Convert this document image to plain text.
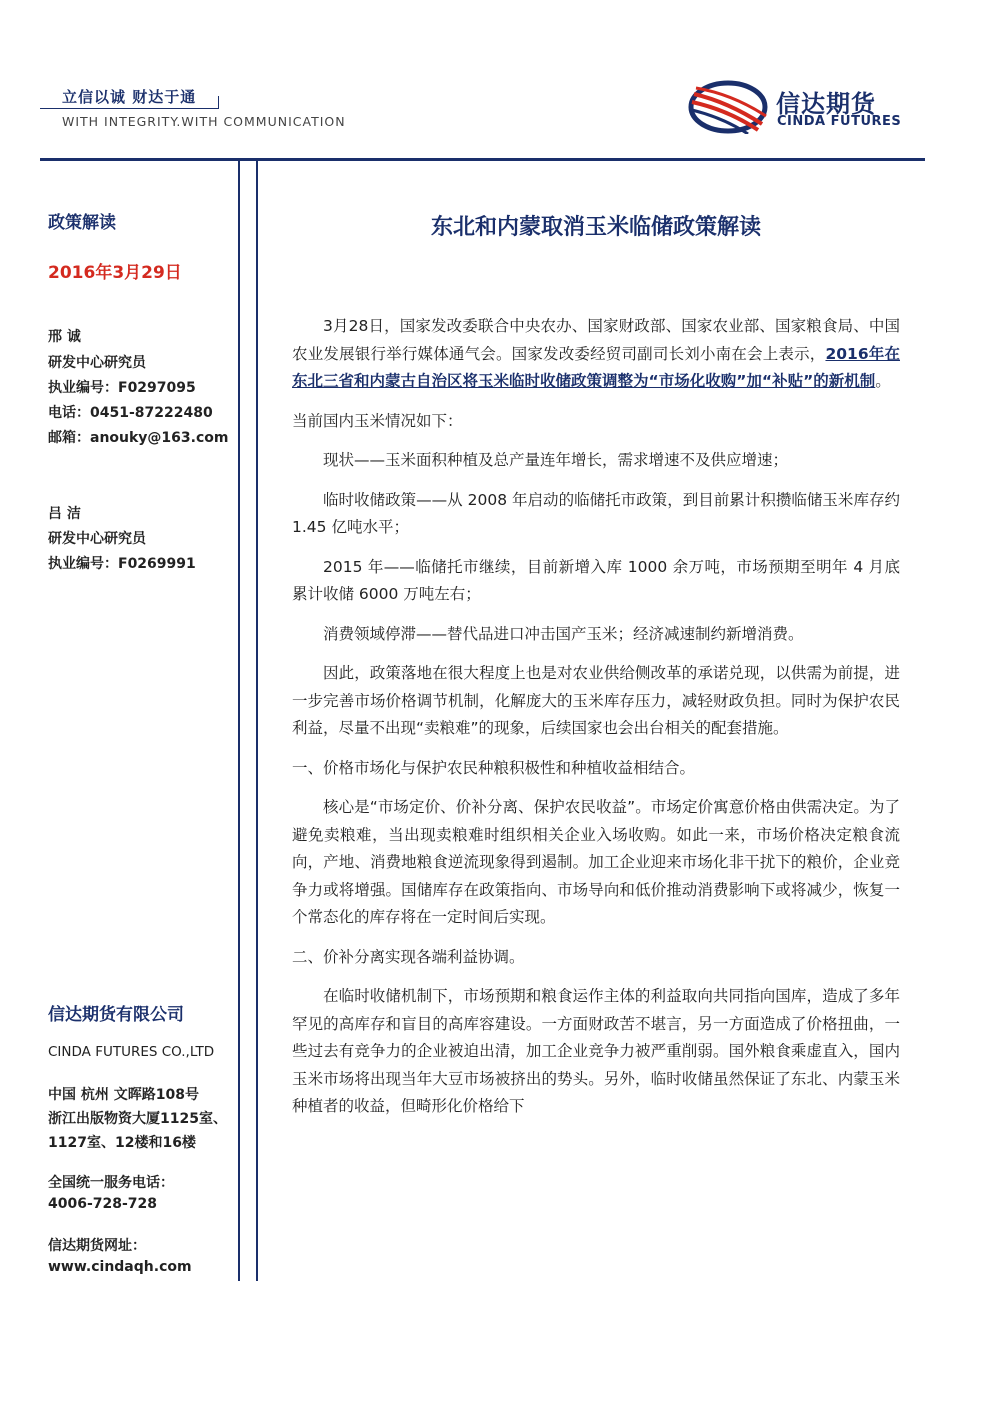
立信以诚 财达于通
WITH INTEGRITY.WITH COMMUNICATION
信达期货
CINDA FUTURES
政策解读
2016年3月29日
邢 诚
研发中心研究员
执业编号：F0297095
电话：0451-87222480
邮箱：anouky@163.com
吕 洁
研发中心研究员
执业编号：F0269991
信达期货有限公司
CINDA FUTURES CO.,LTD
中国 杭州 文晖路108号
浙江出版物资大厦1125室、
1127室、12楼和16楼
全国统一服务电话：
4006-728-728
信达期货网址：
www.cindaqh.com
东北和内蒙取消玉米临储政策解读

3月28日，国家发改委联合中央农办、国家财政部、国家农业部、国家粮食局、中国农业发展银行举行媒体通气会。国家发改委经贸司副司长刘小南在会上表示，2016年在东北三省和内蒙古自治区将玉米临时收储政策调整为“市场化收购”加“补贴”的新机制。

当前国内玉米情况如下：

现状——玉米面积种植及总产量连年增长，需求增速不及供应增速；

临时收储政策——从 2008 年启动的临储托市政策，到目前累计积攒临储玉米库存约 1.45 亿吨水平；

2015 年——临储托市继续，目前新增入库 1000 余万吨，市场预期至明年 4 月底累计收储 6000 万吨左右；

消费领域停滞——替代品进口冲击国产玉米；经济减速制约新增消费。

因此，政策落地在很大程度上也是对农业供给侧改革的承诺兑现，以供需为前提，进一步完善市场价格调节机制，化解庞大的玉米库存压力，减轻财政负担。同时为保护农民利益，尽量不出现“卖粮难”的现象，后续国家也会出台相关的配套措施。

一、价格市场化与保护农民种粮积极性和种植收益相结合。

核心是“市场定价、价补分离、保护农民收益”。市场定价寓意价格由供需决定。为了避免卖粮难，当出现卖粮难时组织相关企业入场收购。如此一来，市场价格决定粮食流向，产地、消费地粮食逆流现象得到遏制。加工企业迎来市场化非干扰下的粮价，企业竞争力或将增强。国储库存在政策指向、市场导向和低价推动消费影响下或将减少，恢复一个常态化的库存将在一定时间后实现。

二、价补分离实现各端利益协调。

在临时收储机制下，市场预期和粮食运作主体的利益取向共同指向国库，造成了多年罕见的高库存和盲目的高库容建设。一方面财政苦不堪言，另一方面造成了价格扭曲，一些过去有竞争力的企业被迫出清，加工企业竞争力被严重削弱。国外粮食乘虚直入，国内玉米市场将出现当年大豆市场被挤出的势头。另外，临时收储虽然保证了东北、内蒙玉米种植者的收益，但畸形化价格给下
